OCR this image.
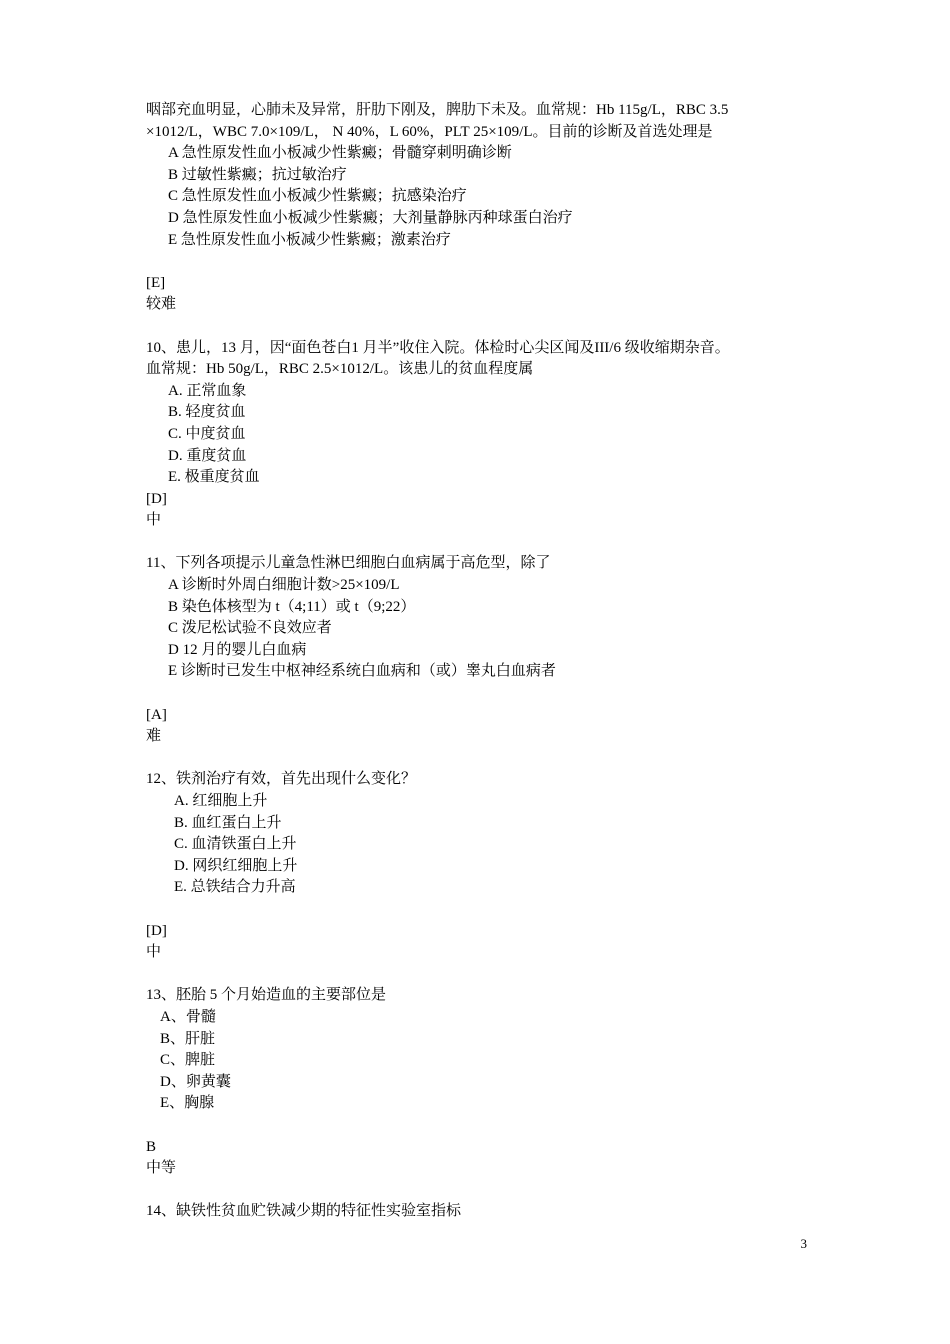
咽部充血明显，心肺未及异常，肝肋下刚及，脾肋下未及。血常规：Hb 115g/L，RBC 3.5
×1012/L，WBC 7.0×109/L， N 40%，L 60%，PLT 25×109/L。目前的诊断及首选处理是
A 急性原发性血小板减少性紫癜；骨髓穿刺明确诊断
B 过敏性紫癜；抗过敏治疗
C 急性原发性血小板减少性紫癜；抗感染治疗
D 急性原发性血小板减少性紫癜；大剂量静脉丙种球蛋白治疗
E 急性原发性血小板减少性紫癜；激素治疗
[E]
较难
10、患儿，13 月，因“面色苍白1 月半”收住入院。体检时心尖区闻及III/6 级收缩期杂音。
血常规：Hb 50g/L，RBC 2.5×1012/L。该患儿的贫血程度属
A. 正常血象
B. 轻度贫血
C. 中度贫血
D. 重度贫血
E. 极重度贫血
[D]
中
11、下列各项提示儿童急性淋巴细胞白血病属于高危型，除了
A 诊断时外周白细胞计数>25×109/L
B 染色体核型为 t（4;11）或 t（9;22）
C 泼尼松试验不良效应者
D 12 月的婴儿白血病
E 诊断时已发生中枢神经系统白血病和（或）睾丸白血病者
[A]
难
12、铁剂治疗有效，首先出现什么变化？
A. 红细胞上升
B. 血红蛋白上升
C. 血清铁蛋白上升
D. 网织红细胞上升
E. 总铁结合力升高
[D]
中
13、胚胎 5 个月始造血的主要部位是
A、骨髓
B、肝脏
C、脾脏
D、卵黄囊
E、胸腺
B
中等
14、缺铁性贫血贮铁减少期的特征性实验室指标
3
